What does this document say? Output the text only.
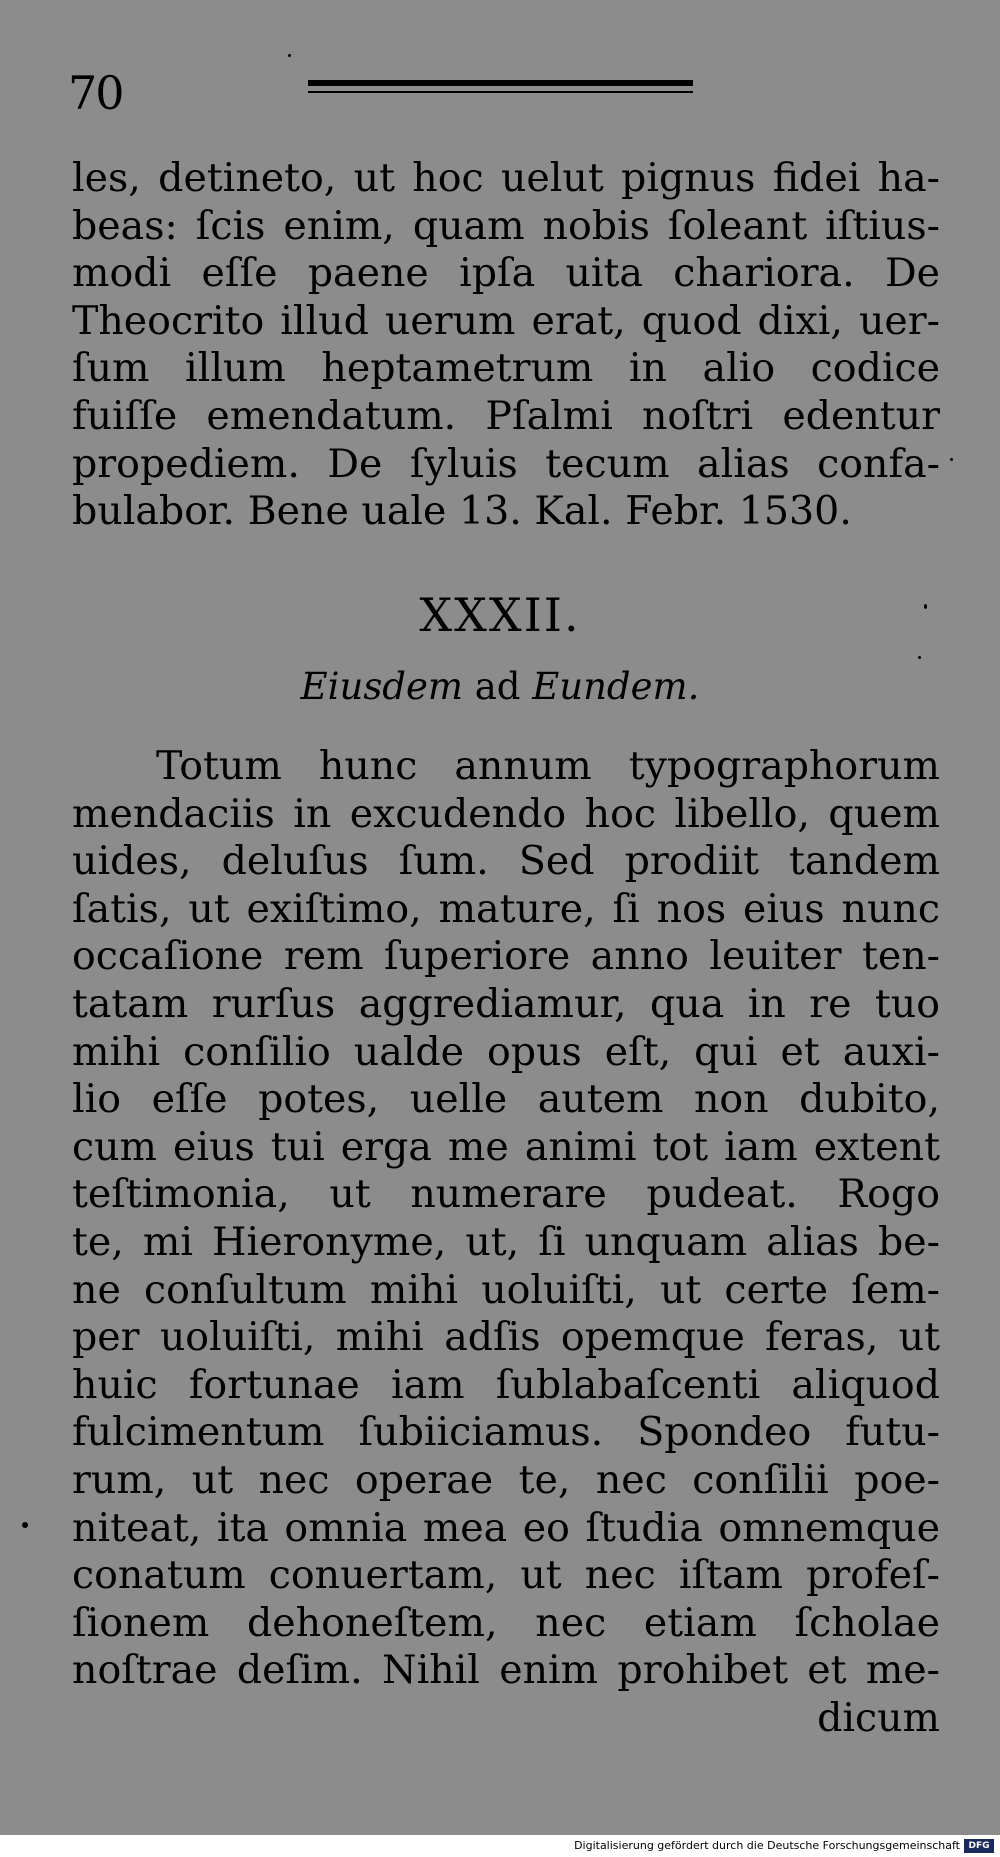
70
les, detineto, ut hoc uelut pignus fidei ha-
beas: ſcis enim, quam nobis ſoleant iſtius-
modi eſſe paene ipſa uita chariora. De
Theocrito illud uerum erat, quod dixi, uer-
ſum illum heptametrum in alio codice
fuiſſe emendatum. Pſalmi noſtri edentur
propediem. De ſyluis tecum alias confa-
bulabor. Bene uale 13. Kal. Febr. 1530.
XXXII.
Eiusdem ad Eundem.
Totum hunc annum typographorum
mendaciis in excudendo hoc libello, quem
uides, deluſus ſum. Sed prodiit tandem
ſatis, ut exiſtimo, mature, ſi nos eius nunc
occaſione rem ſuperiore anno leuiter ten-
tatam rurſus aggrediamur, qua in re tuo
mihi conſilio ualde opus eſt, qui et auxi-
lio eſſe potes, uelle autem non dubito,
cum eius tui erga me animi tot iam extent
teſtimonia, ut numerare pudeat. Rogo
te, mi Hieronyme, ut, ſi unquam alias be-
ne conſultum mihi uoluiſti, ut certe ſem-
per uoluiſti, mihi adſis opemque feras, ut
huic fortunae iam ſublabaſcenti aliquod
fulcimentum ſubiiciamus. Spondeo futu-
rum, ut nec operae te, nec conſilii poe-
niteat, ita omnia mea eo ſtudia omnemque
conatum conuertam, ut nec iſtam profeſ-
ſionem dehoneſtem, nec etiam ſcholae
noſtrae deſim. Nihil enim prohibet et me-
dicum
Digitalisierung gefördert durch die Deutsche Forschungsgemeinschaft DFG
